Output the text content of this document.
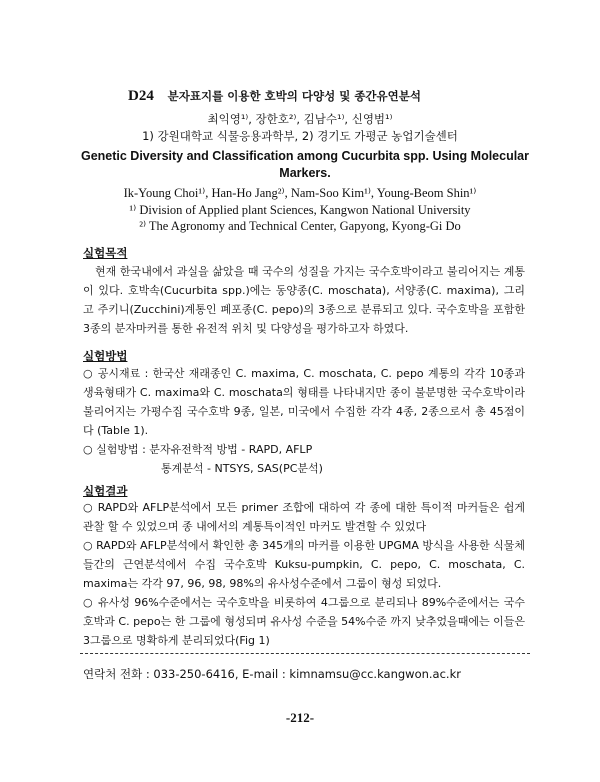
D24 분자표지를 이용한 호박의 다양성 및 종간유연분석
최익영¹⁾, 장한호²⁾, 김남수¹⁾, 신영범¹⁾
1) 강원대학교 식물응용과학부, 2) 경기도 가평군 농업기술센터
Genetic Diversity and Classification among Cucurbita spp. Using Molecular Markers.
Ik-Young Choi¹⁾, Han-Ho Jang²⁾, Nam-Soo Kim¹⁾, Young-Beom Shin¹⁾
¹⁾ Division of Applied plant Sciences, Kangwon National University
²⁾ The Agronomy and Technical Center, Gapyong, Kyong-Gi Do
실험목적

현재 한국내에서 과실을 삶았을 때 국수의 성질을 가지는 국수호박이라고 불리어지는 계통이 있다. 호박속(Cucurbita spp.)에는 동양종(C. moschata), 서양종(C. maxima), 그리고 주키니(Zucchini)계통인 폐포종(C. pepo)의 3종으로 분류되고 있다. 국수호박을 포함한 3종의 분자마커를 통한 유전적 위치 및 다양성을 평가하고자 하였다.

실험방법

○ 공시재료 : 한국산 재래종인 C. maxima, C. moschata, C. pepo 계통의 각각 10종과 생육형태가 C. maxima와 C. moschata의 형태를 나타내지만 종이 불분명한 국수호박이라 불리어지는 가평수집 국수호박 9종, 일본, 미국에서 수집한 각각 4종, 2종으로서 총 45점이다 (Table 1).

○ 실험방법 : 분자유전학적 방법 - RAPD, AFLP

통계분석 - NTSYS, SAS(PC분석)

실험결과

○ RAPD와 AFLP분석에서 모든 primer 조합에 대하여 각 종에 대한 특이적 마커들은 쉽게 관찰 할 수 있었으며 종 내에서의 계통특이적인 마커도 발견할 수 있었다

○ RAPD와 AFLP분석에서 확인한 총 345개의 마커를 이용한 UPGMA 방식을 사용한 식물체들간의 근연분석에서 수집 국수호박 Kuksu-pumpkin, C. pepo, C. moschata, C. maxima는 각각 97, 96, 98, 98%의 유사성수준에서 그룹이 형성 되었다.

○ 유사성 96%수준에서는 국수호박을 비롯하여 4그룹으로 분리되나 89%수준에서는 국수호박과 C. pepo는 한 그룹에 형성되며 유사성 수준을 54%수준 까지 낮추었을때에는 이들은 3그룹으로 명확하게 분리되었다(Fig 1)

연락처 전화 : 033-250-6416, E-mail : kimnamsu@cc.kangwon.ac.kr
-212-
